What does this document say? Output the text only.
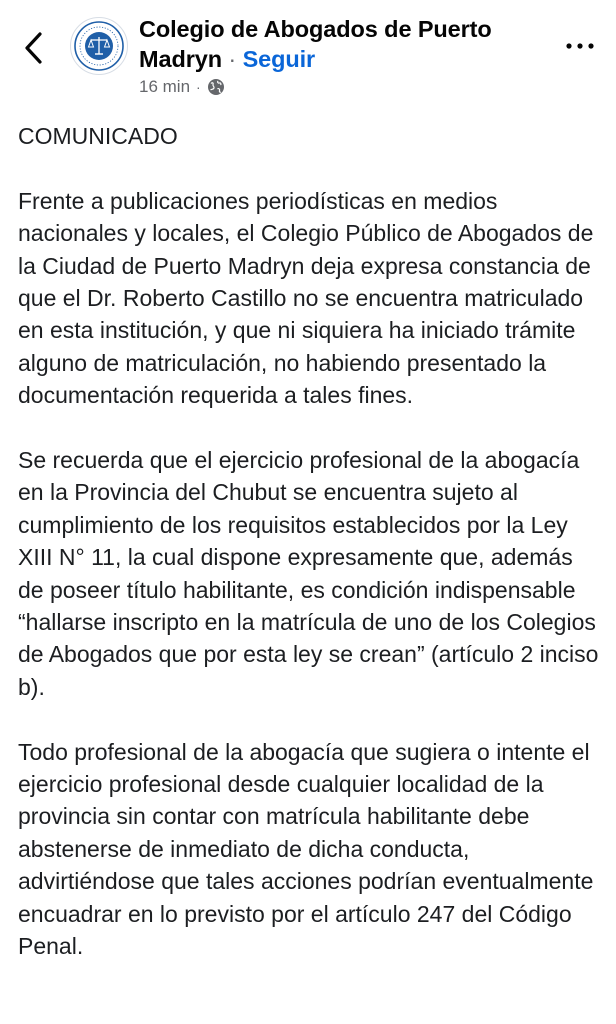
Colegio de Abogados de Puerto
Madryn · Seguir
16 min ·

COMUNICADO

Frente a publicaciones periodísticas en medios nacionales y locales, el Colegio Público de Abogados de la Ciudad de Puerto Madryn deja expresa constancia de que el Dr. Roberto Castillo no se encuentra matriculado en esta institución, y que ni siquiera ha iniciado trámite alguno de matriculación, no habiendo presentado la documentación requerida a tales fines.

Se recuerda que el ejercicio profesional de la abogacía en la Provincia del Chubut se encuentra sujeto al cumplimiento de los requisitos establecidos por la Ley XIII N° 11, la cual dispone expresamente que, además de poseer título habilitante, es condición indispensable “hallarse inscripto en la matrícula de uno de los Colegios de Abogados que por esta ley se crean” (artículo 2 inciso b).

Todo profesional de la abogacía que sugiera o intente el ejercicio profesional desde cualquier localidad de la provincia sin contar con matrícula habilitante debe abstenerse de inmediato de dicha conducta, advirtiéndose que tales acciones podrían eventualmente encuadrar en lo previsto por el artículo 247 del Código Penal.
